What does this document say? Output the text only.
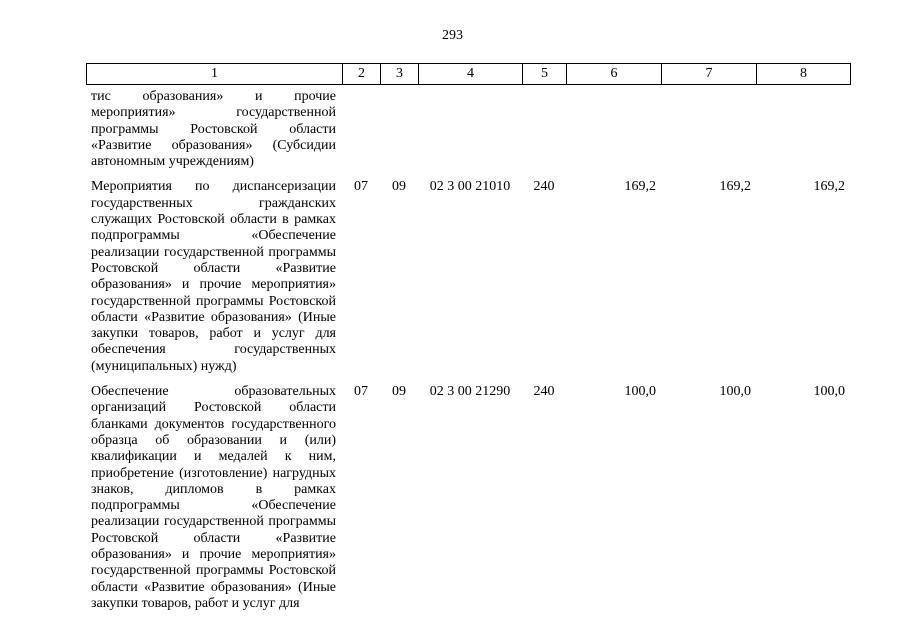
293
1	2	3	4	5	6	7	8
тис образования» и прочие мероприятия» государственной программы Ростовской области «Развитие образования» (Субсидии автономным учреждениям)							
Мероприятия по диспансеризации государственных гражданских служащих Ростовской области в рамках подпрограммы «Обеспечение реализации государственной программы Ростовской области «Развитие образования» и прочие мероприятия» государственной программы Ростовской области «Развитие образования» (Иные закупки товаров, работ и услуг для обеспечения государственных (муниципальных) нужд)	07	09	02 3 00 21010	240	169,2	169,2	169,2
Обеспечение образовательных организаций Ростовской области бланками документов государственного образца об образовании и (или) квалификации и медалей к ним, приобретение (изготовление) нагрудных знаков, дипломов в рамках подпрограммы «Обеспечение реализации государственной программы Ростовской области «Развитие образования» и прочие мероприятия» государственной программы Ростовской области «Развитие образования» (Иные закупки товаров, работ и услуг для	07	09	02 3 00 21290	240	100,0	100,0	100,0
